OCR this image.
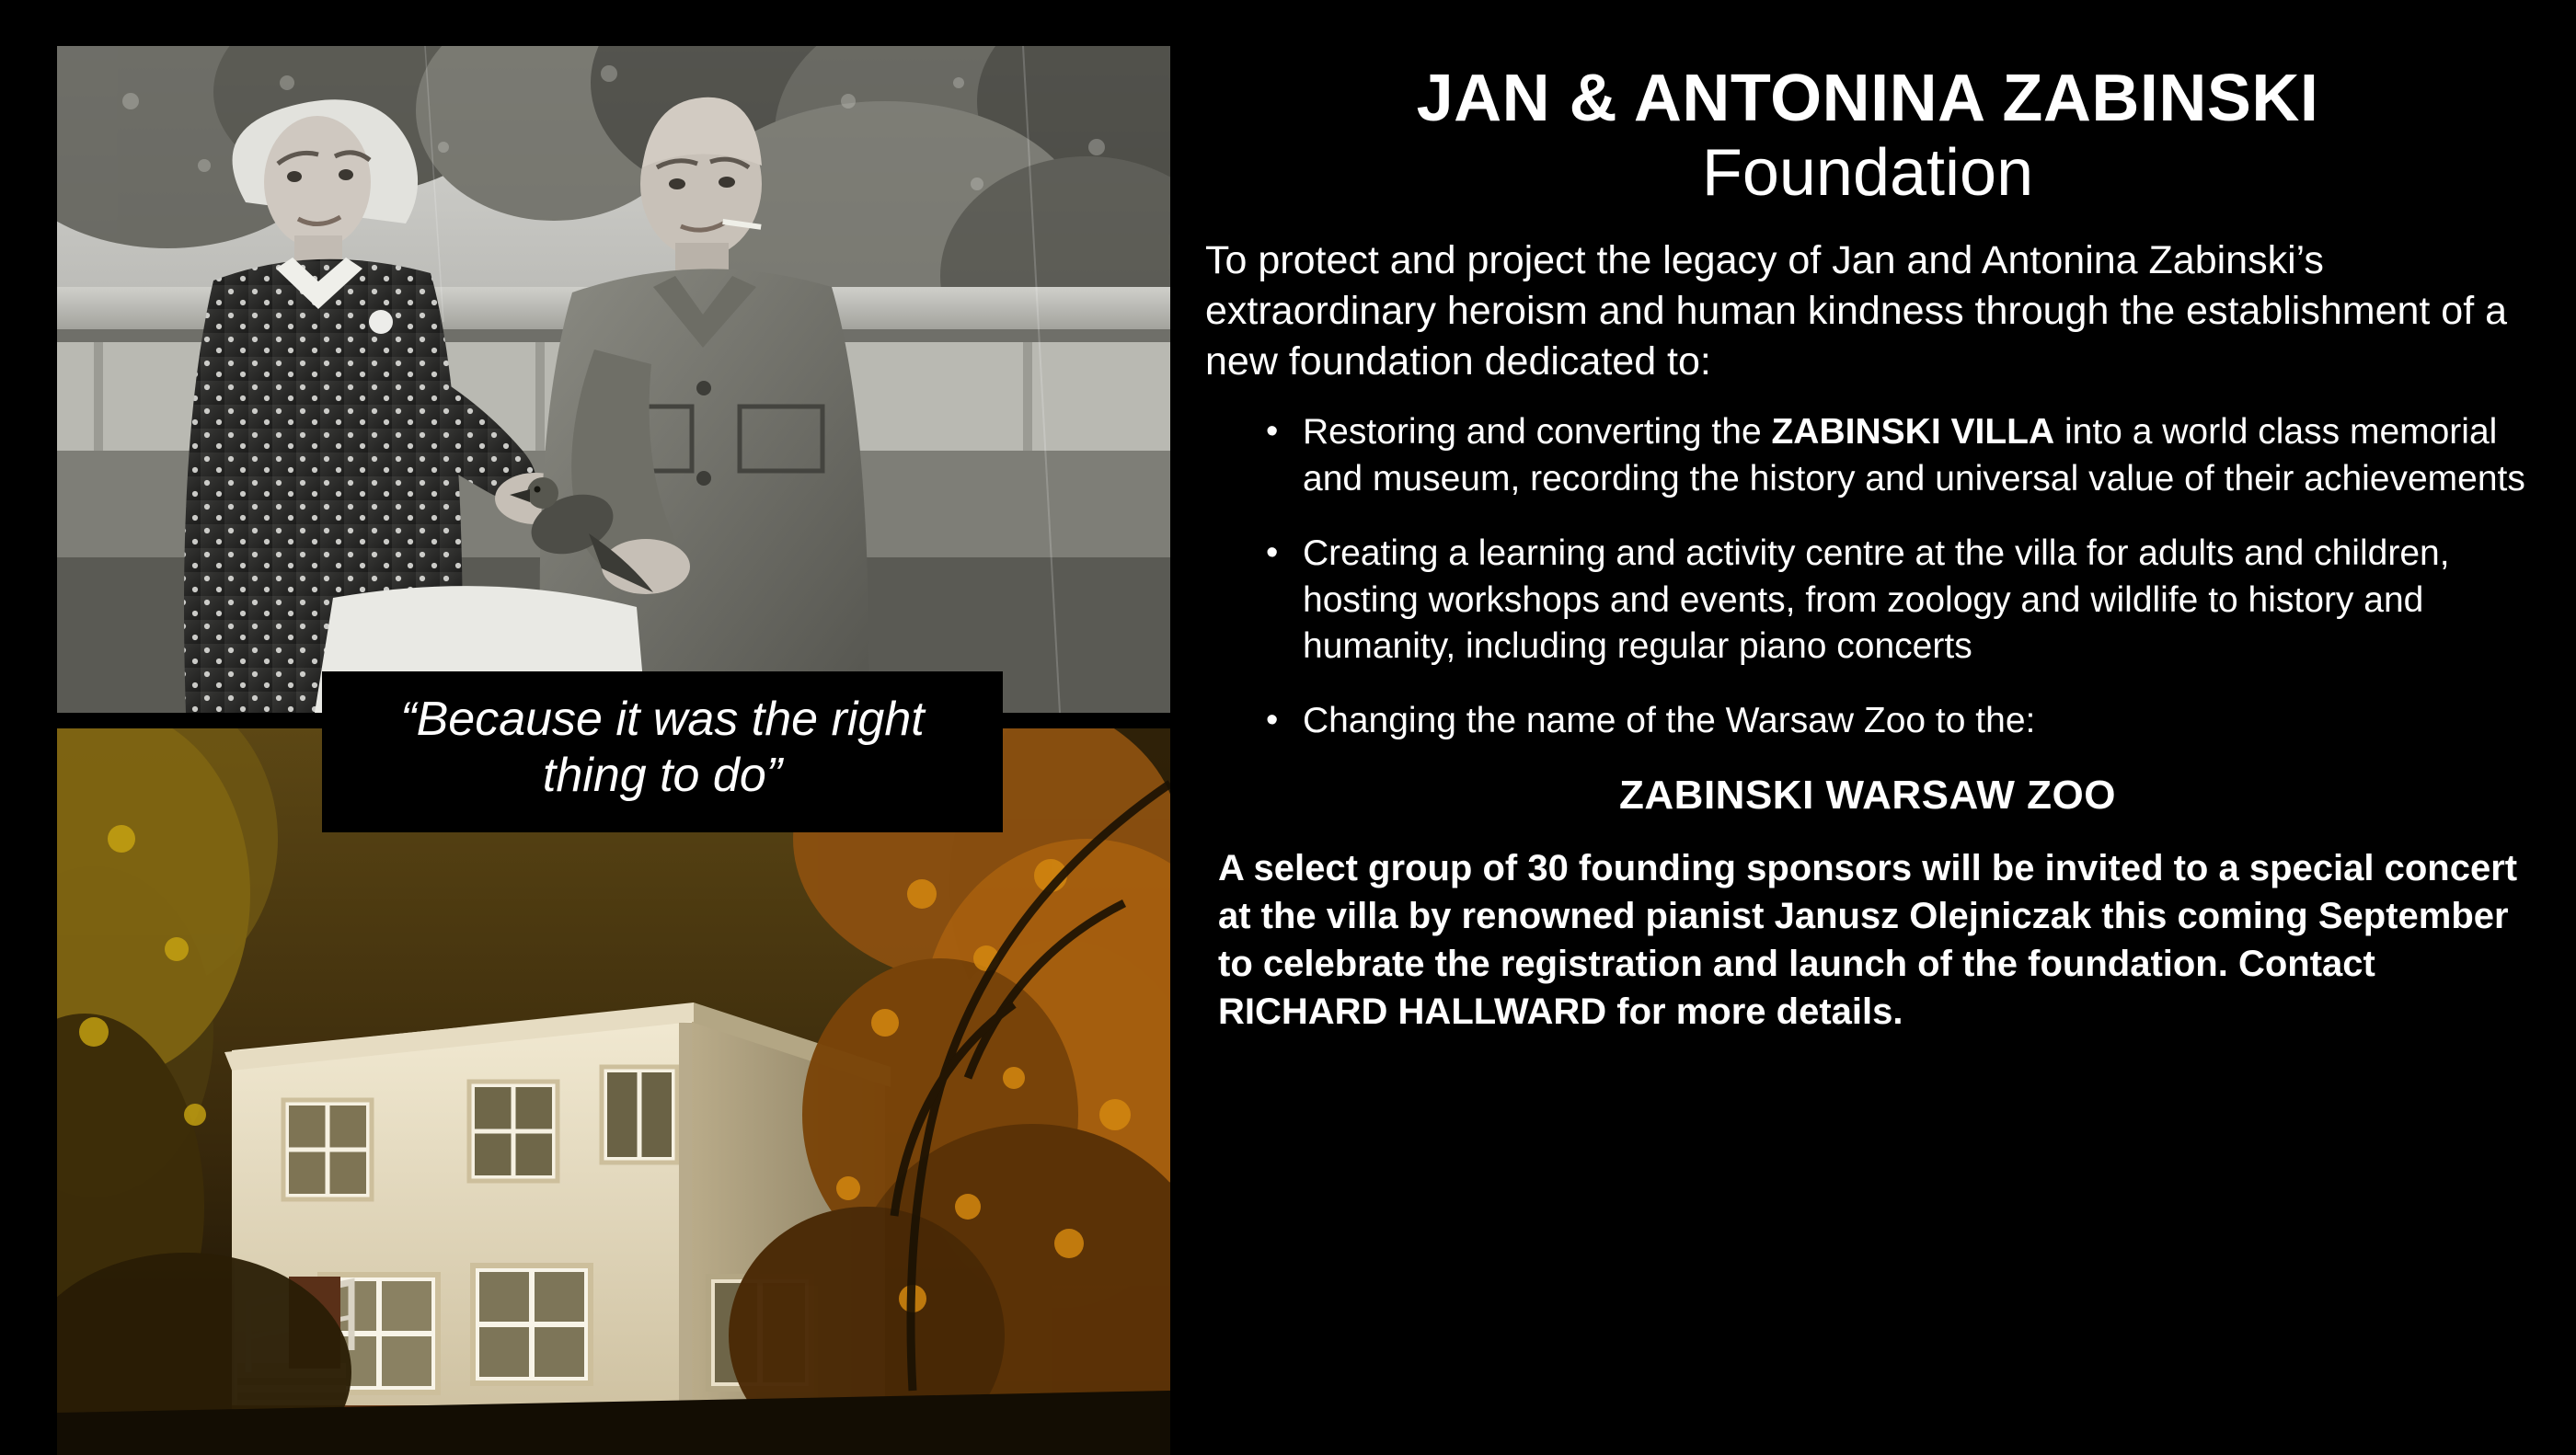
“Because it was the right thing to do”
JAN & ANTONINA ZABINSKI
Foundation

To protect and project the legacy of Jan and Antonina Zabinski’s extraordinary heroism and human kindness through the establishment of a new foundation dedicated to:

• Restoring and converting the ZABINSKI VILLA into a world class memorial and museum, recording the history and universal value of their achievements
• Creating a learning and activity centre at the villa for adults and children, hosting workshops and events, from zoology and wildlife to history and humanity, including regular piano concerts
• Changing the name of the Warsaw Zoo to the:
ZABINSKI WARSAW ZOO

A select group of 30 founding sponsors will be invited to a special concert at the villa by renowned pianist Janusz Olejniczak this coming September to celebrate the registration and launch of the foundation. Contact RICHARD HALLWARD for more details.
